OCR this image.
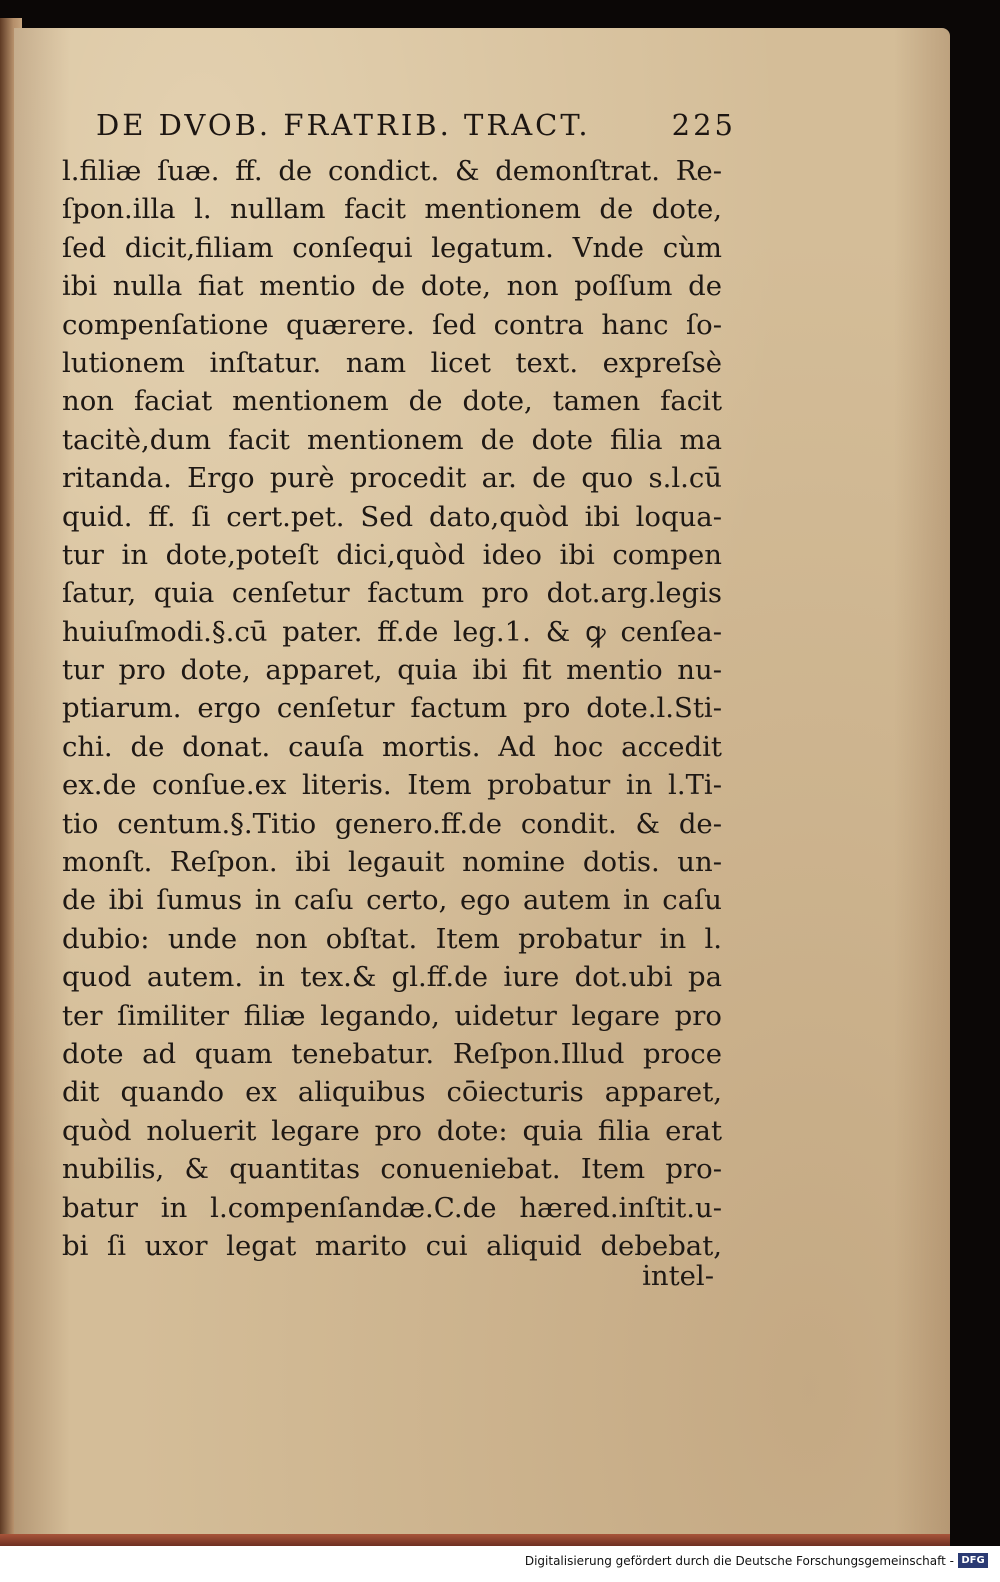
DE DVOB. FRATRIB. TRACT.	225
l.filiæ ſuæ. ff. de condict. & demonſtrat. Re-
ſpon.illa l. nullam facit mentionem de dote,
ſed dicit,filiam conſequi legatum. Vnde cùm
ibi nulla fiat mentio de dote, non poſſum de
compenſatione quærere. ſed contra hanc ſo-
lutionem inſtatur. nam licet text. expreſsè
non faciat mentionem de dote, tamen facit
tacitè,dum facit mentionem de dote filia ma
ritanda. Ergo purè procedit ar. de quo s.l.cū
quid. ff. ſi cert.pet. Sed dato,quòd ibi loqua-
tur in dote,poteſt dici,quòd ideo ibi compen
ſatur, quia cenſetur factum pro dot.arg.legis
huiuſmodi.§.cū pater. ff.de leg.1. & ꝙ cenſea-
tur pro dote, apparet, quia ibi fit mentio nu-
ptiarum. ergo cenſetur factum pro dote.l.Sti-
chi. de donat. cauſa mortis. Ad hoc accedit
ex.de conſue.ex literis. Item probatur in l.Ti-
tio centum.§.Titio genero.ff.de condit. & de-
monſt. Reſpon. ibi legauit nomine dotis. un-
de ibi ſumus in caſu certo, ego autem in caſu
dubio: unde non obſtat. Item probatur in l.
quod autem. in tex.& gl.ff.de iure dot.ubi pa
ter ſimiliter filiæ legando, uidetur legare pro
dote ad quam tenebatur. Reſpon.Illud proce
dit quando ex aliquibus cōiecturis apparet,
quòd noluerit legare pro dote: quia filia erat
nubilis, & quantitas conueniebat. Item pro-
batur in l.compenſandæ.C.de hæred.inſtit.u-
bi ſi uxor legat marito cui aliquid debebat,
intel-
Digitalisierung gefördert durch die Deutsche Forschungsgemeinschaft - DFG
